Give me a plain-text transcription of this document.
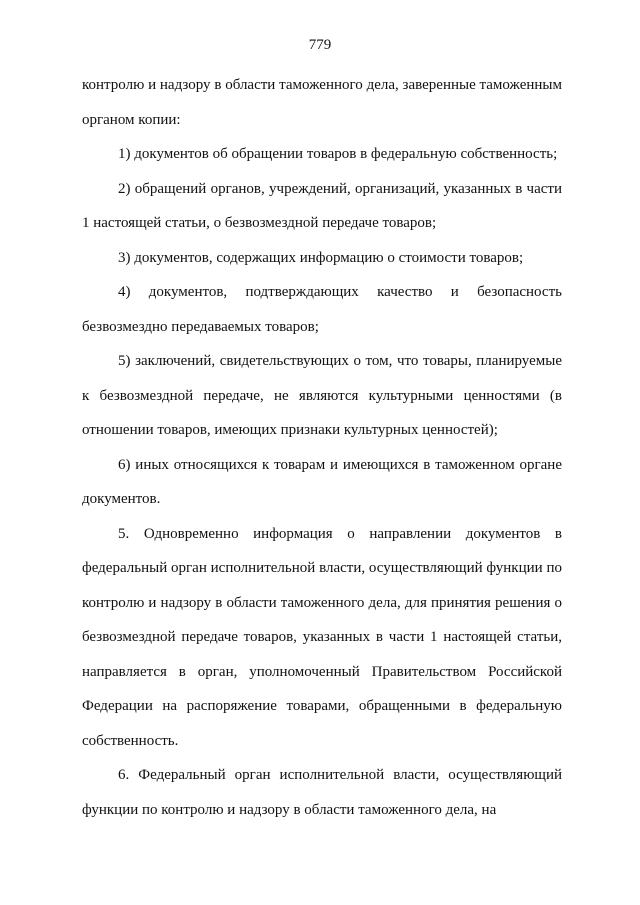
779

контролю и надзору в области таможенного дела, заверенные таможенным органом копии:

1) документов об обращении товаров в федеральную собственность;

2) обращений органов, учреждений, организаций, указанных в части 1 настоящей статьи, о безвозмездной передаче товаров;

3) документов, содержащих информацию о стоимости товаров;

4) документов, подтверждающих качество и безопасность безвозмездно передаваемых товаров;

5) заключений, свидетельствующих о том, что товары, планируемые к безвозмездной передаче, не являются культурными ценностями (в отношении товаров, имеющих признаки культурных ценностей);

6) иных относящихся к товарам и имеющихся в таможенном органе документов.

5. Одновременно информация о направлении документов в федеральный орган исполнительной власти, осуществляющий функции по контролю и надзору в области таможенного дела, для принятия решения о безвозмездной передаче товаров, указанных в части 1 настоящей статьи, направляется в орган, уполномоченный Правительством Российской Федерации на распоряжение товарами, обращенными в федеральную собственность.

6. Федеральный орган исполнительной власти, осуществляющий функции по контролю и надзору в области таможенного дела, на
